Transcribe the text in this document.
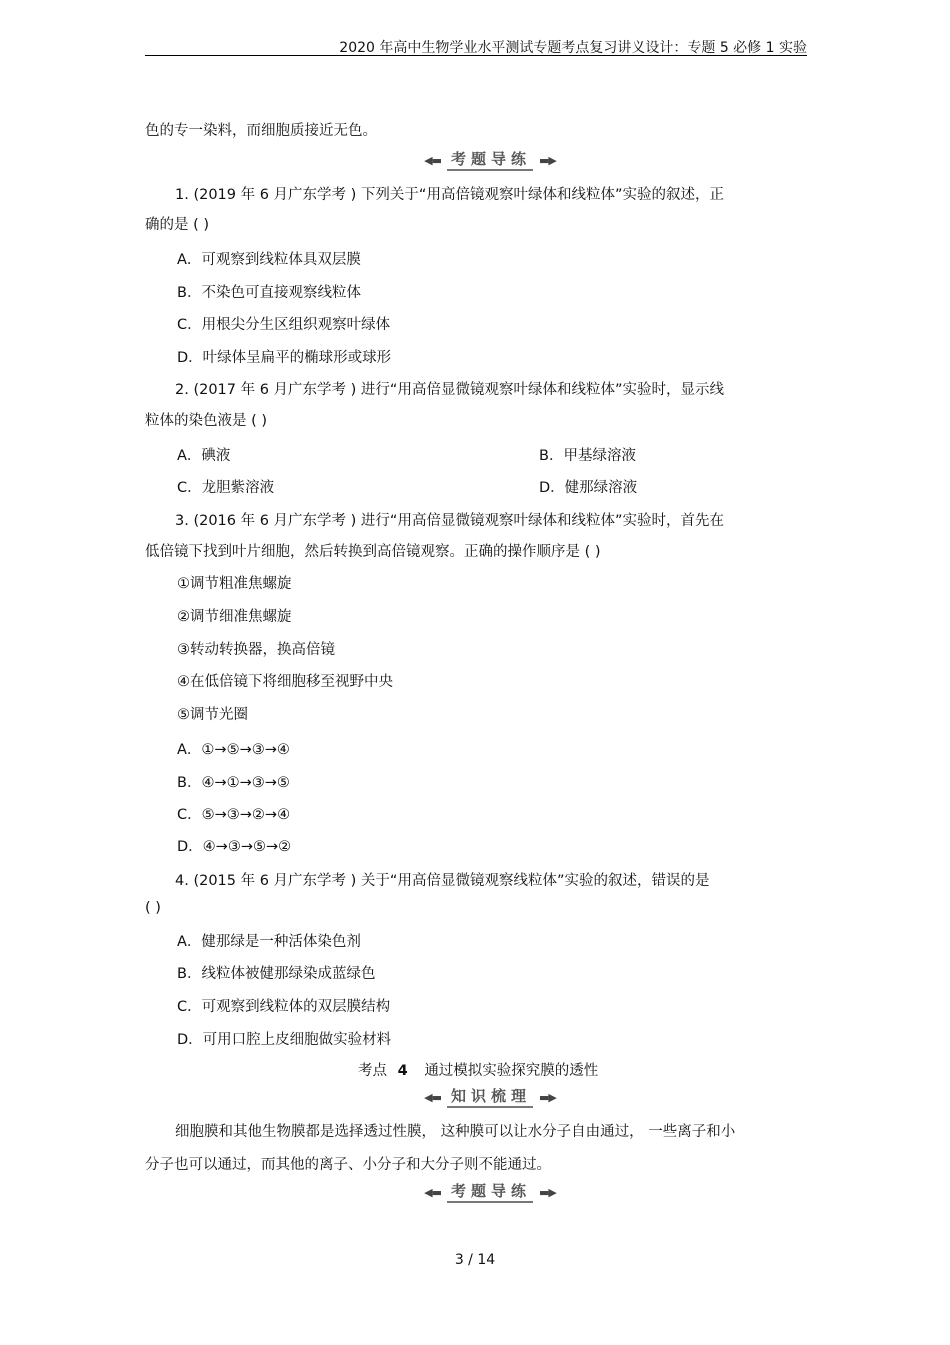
2020 年高中生物学业水平测试专题考点复习讲义设计：专题 5 必修 1 实验
色的专一染料，而细胞质接近无色。
◀▬ 考题导练 ▬▶
1. (2019 年 6 月广东学考 ) 下列关于“用高倍镜观察叶绿体和线粒体”实验的叙述，正
确的是 ( )
A．可观察到线粒体具双层膜
B．不染色可直接观察线粒体
C．用根尖分生区组织观察叶绿体
D．叶绿体呈扁平的椭球形或球形
2. (2017 年 6 月广东学考 ) 进行“用高倍显微镜观察叶绿体和线粒体”实验时，显示线
粒体的染色液是 ( )
A．碘液	B．甲基绿溶液
C．龙胆紫溶液	D．健那绿溶液
3. (2016 年 6 月广东学考 ) 进行“用高倍显微镜观察叶绿体和线粒体”实验时，首先在
低倍镜下找到叶片细胞，然后转换到高倍镜观察。正确的操作顺序是 ( )
①调节粗准焦螺旋
②调节细准焦螺旋
③转动转换器，换高倍镜
④在低倍镜下将细胞移至视野中央
⑤调节光圈
A．①→⑤→③→④
B．④→①→③→⑤
C．⑤→③→②→④
D．④→③→⑤→②
4. (2015 年 6 月广东学考 ) 关于“用高倍显微镜观察线粒体”实验的叙述，错误的是
( )
A．健那绿是一种活体染色剂
B．线粒体被健那绿染成蓝绿色
C．可观察到线粒体的双层膜结构
D．可用口腔上皮细胞做实验材料
考点 4 通过模拟实验探究膜的透性
◀▬ 知识梳理 ▬▶
细胞膜和其他生物膜都是选择透过性膜， 这种膜可以让水分子自由通过， 一些离子和小
分子也可以通过，而其他的离子、小分子和大分子则不能通过。
◀▬ 考题导练 ▬▶
3 / 14
